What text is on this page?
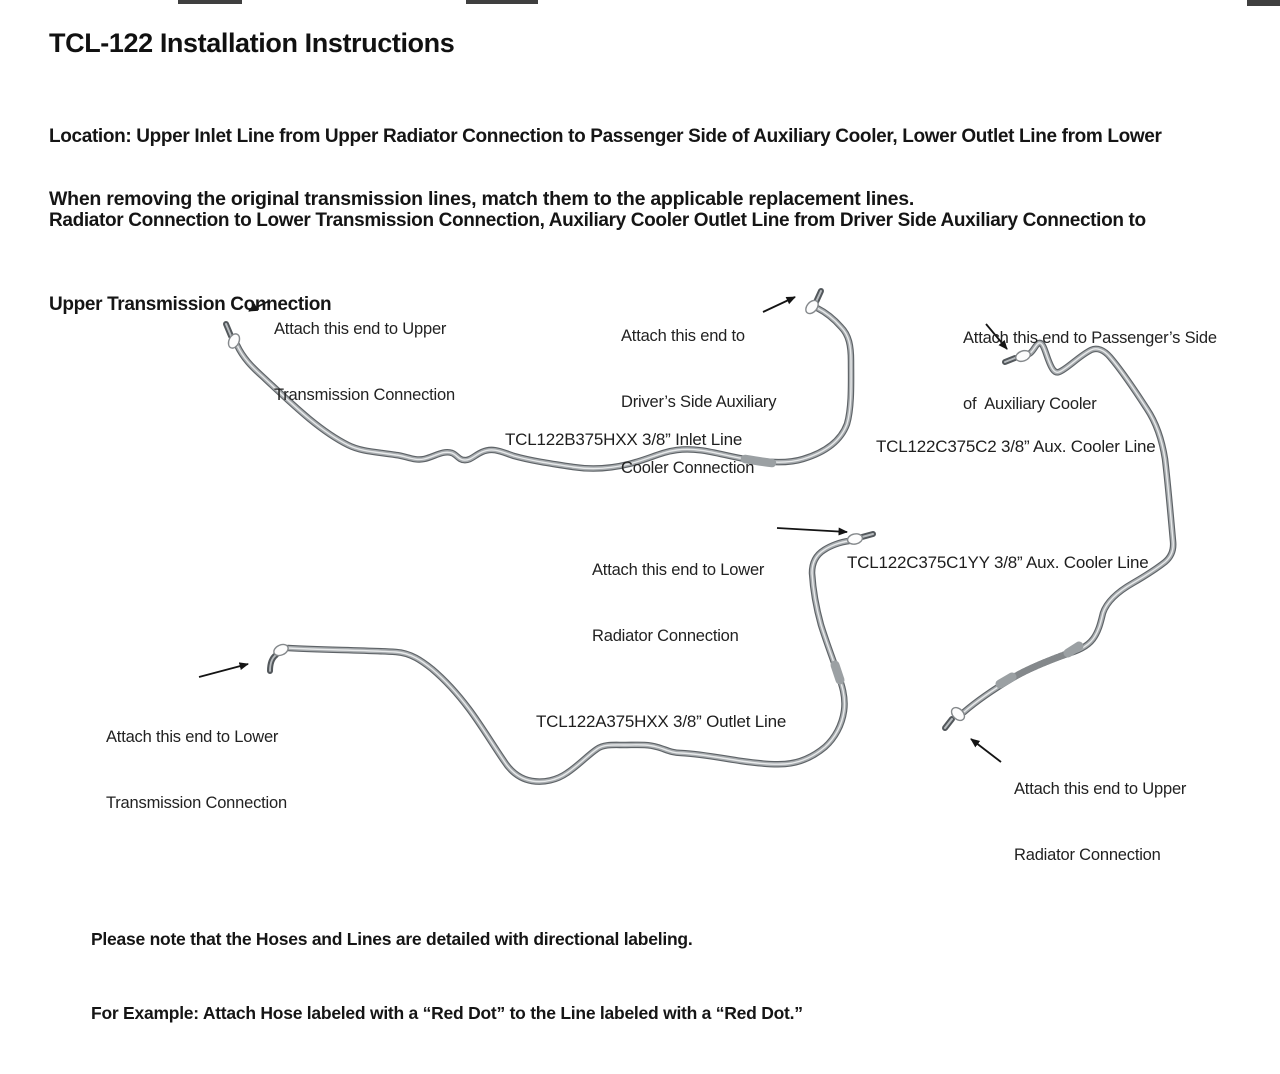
TCL-122 Installation Instructions

Location: Upper Inlet Line from Upper Radiator Connection to Passenger Side of Auxiliary Cooler, Lower Outlet Line from Lower

Radiator Connection to Lower Transmission Connection, Auxiliary Cooler Outlet Line from Driver Side Auxiliary Connection to

Upper Transmission Connection

When removing the original transmission lines, match them to the applicable replacement lines.

Attach this end to Upper

Transmission Connection

Attach this end to

Driver’s Side Auxiliary

Cooler Connection

Attach this end to Passenger’s Side

of  Auxiliary Cooler

TCL122B375HXX 3/8” Inlet Line	TCL122C375C2 3/8” Aux. Cooler Line

Attach this end to Lower

Radiator Connection

TCL122C375C1YY 3/8” Aux. Cooler Line

Attach this end to Lower

Transmission Connection

TCL122A375HXX 3/8” Outlet Line

Attach this end to Upper

Radiator Connection

Please note that the Hoses and Lines are detailed with directional labeling.

For Example: Attach Hose labeled with a “Red Dot” to the Line labeled with a “Red Dot.”
